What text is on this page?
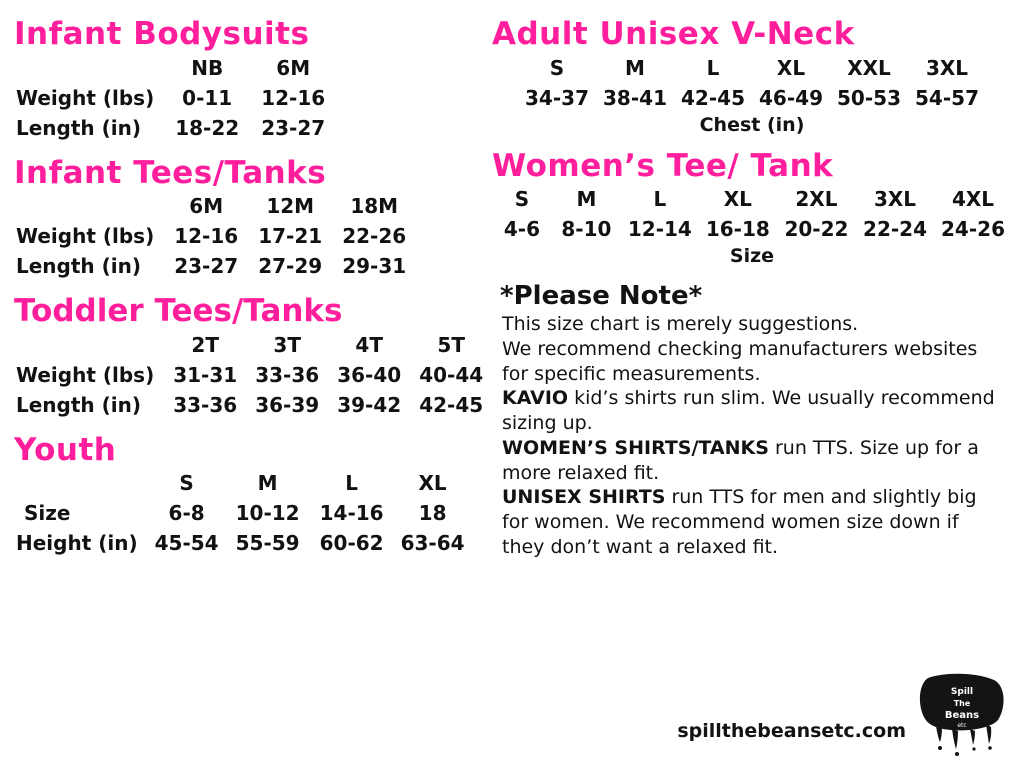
Infant Bodysuits
	NB	6M
Weight (lbs)	0-11	12-16
Length (in)	18-22	23-27
Infant Tees/Tanks
	6M	12M	18M
Weight (lbs)	12-16	17-21	22-26
Length (in)	23-27	27-29	29-31
Toddler Tees/Tanks
	2T	3T	4T	5T
Weight (lbs)	31-31	33-36	36-40	40-44
Length (in)	33-36	36-39	39-42	42-45
Youth
	S	M	L	XL
Size	6-8	10-12	14-16	18
Height (in)	45-54	55-59	60-62	63-64
Adult Unisex V-Neck
S	M	L	XL	XXL	3XL
34-37	38-41	42-45	46-49	50-53	54-57
Chest (in)
Women’s Tee/ Tank
S	M	L	XL	2XL	3XL	4XL
4-6	8-10	12-14	16-18	20-22	22-24	24-26
Size
*Please Note*

This size chart is merely suggestions.

We recommend checking manufacturers websites

for specific measurements.

KAVIO kid’s shirts run slim. We usually recommend

sizing up.

WOMEN’S SHIRTS/TANKS run TTS. Size up for a

more relaxed fit.

UNISEX SHIRTS run TTS for men and slightly big

for women. We recommend women size down if

they don’t want a relaxed fit.

spillthebeansetc.com
Spill
The
Beans
etc
